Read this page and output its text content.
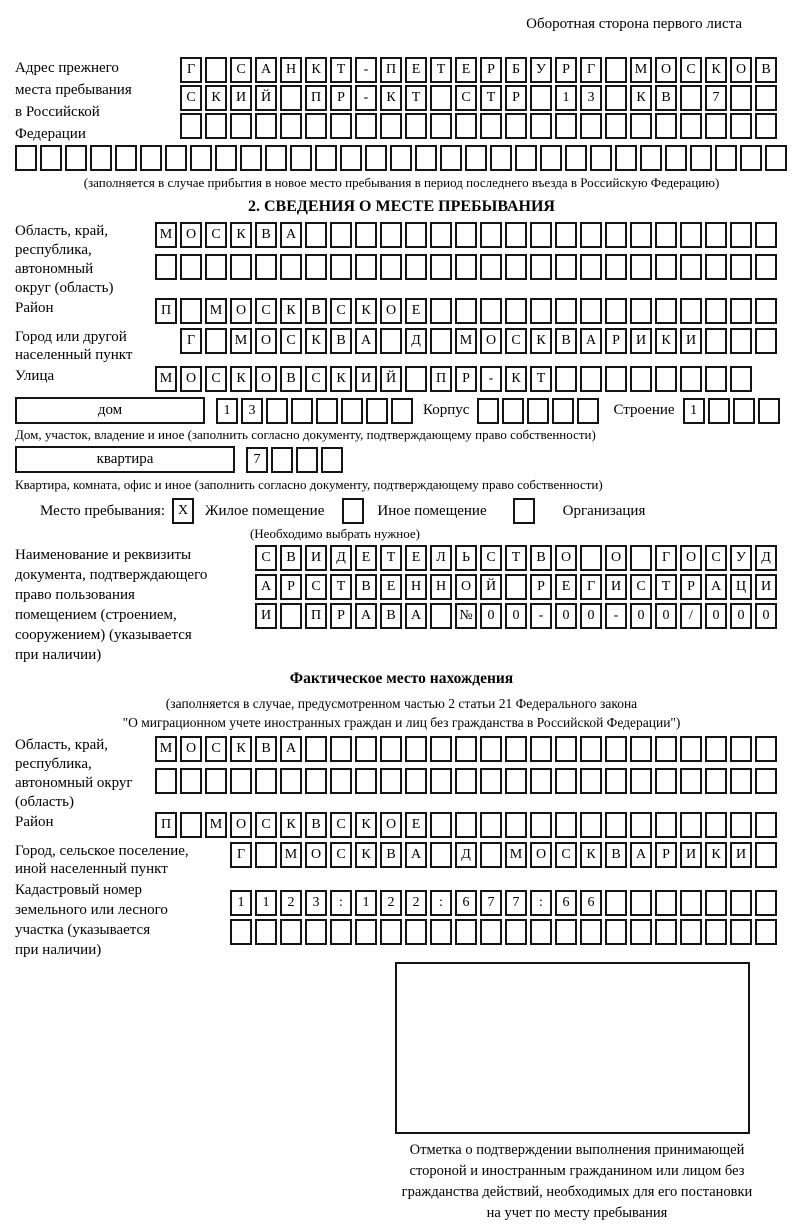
Оборотная сторона первого листа
Адрес прежнего
места пребывания
в Российской
Федерации
Г	С	А	Н	К	Т	-	П	Е	Т	Е	Р	Б	У	Р	Г	М О	С	К	О	В
С	К	И	Й	П	Р	-	К	Т	С	Т	Р	1	3	К	В	7
(заполняется в случае прибытия в новое место пребывания в период последнего въезда в Российскую Федерацию)
2. СВЕДЕНИЯ О МЕСТЕ ПРЕБЫВАНИЯ
Область, край,
республика,
автономный
округ (область)
М О	С	К	В	А
Район	П	М О	С	К	В	С	К	О	Е
Город или другой
населенный пункт
Г	М О	С	К	В	А	Д	М О	С	К	В	А	Р	И	К	И
Улица	М О	С	К	О	В	С	К	И	Й	П	Р	-	К	Т
дом	1	3	Корпус	Строение	1
Дом, участок, владение и иное (заполнить согласно документу, подтверждающему право собственности)
квартира	7
Квартира, комната, офис и иное (заполнить согласно документу, подтверждающему право собственности)
Место пребывания: X	Жилое помещение	Иное помещение	Организация
(Необходимо выбрать нужное)
Наименование и реквизиты
документа, подтверждающего
право пользования
помещением (строением,
сооружением) (указывается
при наличии)
С	В	И	Д	Е	Т	Е	Л	Ь	С	Т	В	О	О	Г	О	С	У	Д
А	Р	С	Т	В	Е	Н	Н	О	Й	Р	Е	Г	И	С	Т	Р	А	Ц	И
И	П	Р	А	В	А	№	0	0	-	0	0	-	0	0	/	0	0	0
Фактическое место нахождения
(заполняется в случае, предусмотренном частью 2 статьи 21 Федерального закона
"О миграционном учете иностранных граждан и лиц без гражданства в Российской Федерации")
Область, край,
республика,
автономный округ
(область)
М О	С	К	В	А
Район	П	М О	С	К	В	С	К	О	Е
Город, сельское поселение,
иной населенный пункт
Г	М О	С	К	В	А	Д	М О	С	К	В	А	Р	И	К	И
Кадастровый номер
земельного или лесного
участка (указывается
при наличии)
1	1	2	3	:	1	2	2	:	6	7	7	:	6	6
Отметка о подтверждении выполнения принимающей
стороной и иностранным гражданином или лицом без
гражданства действий, необходимых для его постановки
на учет по месту пребывания
